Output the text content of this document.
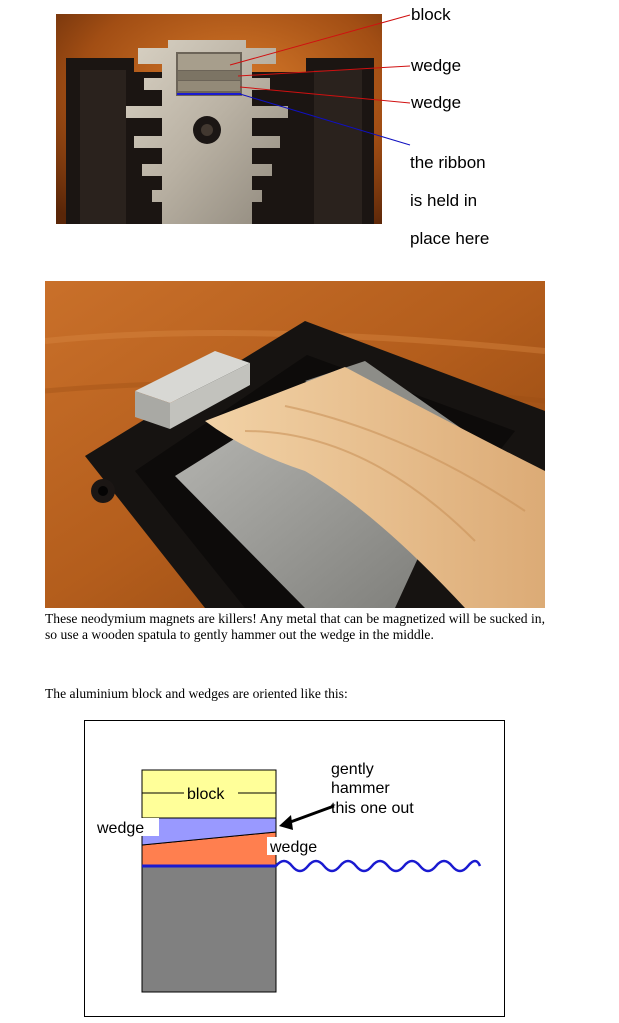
block
wedge
wedge

the ribbon

is held in

place here

These neodymium magnets are killers! Any metal that can be magnetized will be sucked in, so use a wooden spatula to gently hammer out the wedge in the middle.

The aluminium block and wedges are oriented like this:

block
wedge
wedge
gently
hammer
this one out
